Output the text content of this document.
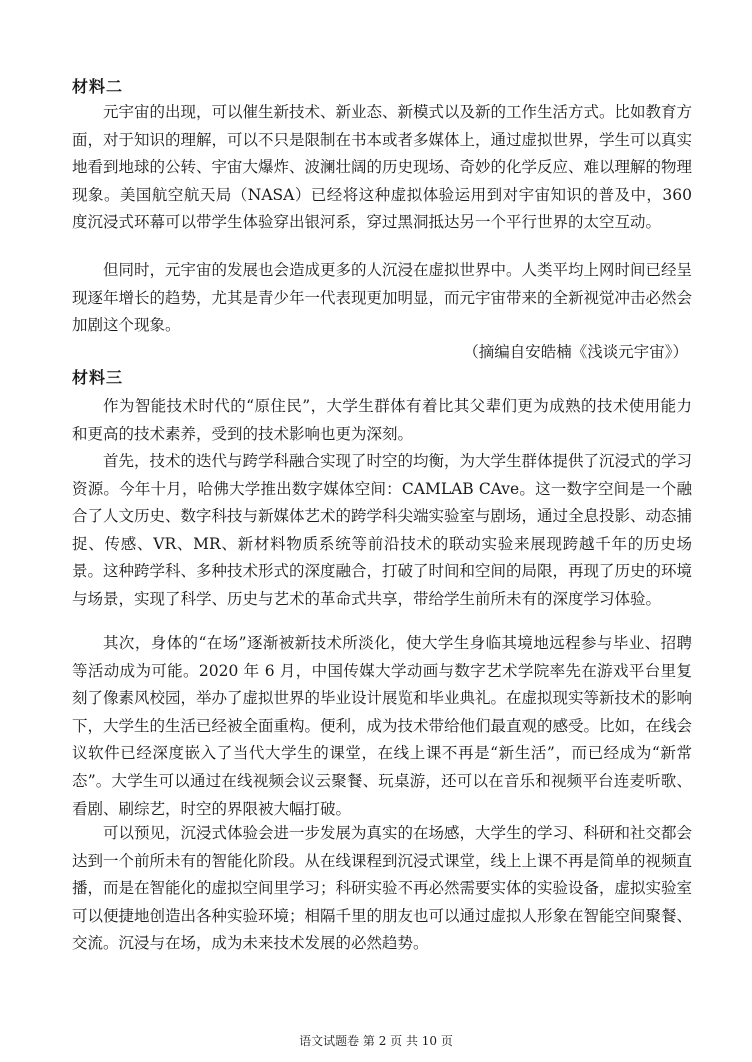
材料二

元宇宙的出现，可以催生新技术、新业态、新模式以及新的工作生活方式。比如教育方面，对于知识的理解，可以不只是限制在书本或者多媒体上，通过虚拟世界，学生可以真实地看到地球的公转、宇宙大爆炸、波澜壮阔的历史现场、奇妙的化学反应、难以理解的物理现象。美国航空航天局（NASA）已经将这种虚拟体验运用到对宇宙知识的普及中，360 度沉浸式环幕可以带学生体验穿出银河系，穿过黑洞抵达另一个平行世界的太空互动。

但同时，元宇宙的发展也会造成更多的人沉浸在虚拟世界中。人类平均上网时间已经呈现逐年增长的趋势，尤其是青少年一代表现更加明显，而元宇宙带来的全新视觉冲击必然会加剧这个现象。

（摘编自安皓楠《浅谈元宇宙》）
材料三

作为智能技术时代的“原住民”，大学生群体有着比其父辈们更为成熟的技术使用能力和更高的技术素养，受到的技术影响也更为深刻。

首先，技术的迭代与跨学科融合实现了时空的均衡，为大学生群体提供了沉浸式的学习资源。今年十月，哈佛大学推出数字媒体空间：CAMLAB CAve。这一数字空间是一个融合了人文历史、数字科技与新媒体艺术的跨学科尖端实验室与剧场，通过全息投影、动态捕捉、传感、VR、MR、新材料物质系统等前沿技术的联动实验来展现跨越千年的历史场景。这种跨学科、多种技术形式的深度融合，打破了时间和空间的局限，再现了历史的环境与场景，实现了科学、历史与艺术的革命式共享，带给学生前所未有的深度学习体验。

其次，身体的“在场”逐渐被新技术所淡化，使大学生身临其境地远程参与毕业、招聘等活动成为可能。2020 年 6 月，中国传媒大学动画与数字艺术学院率先在游戏平台里复刻了像素风校园，举办了虚拟世界的毕业设计展览和毕业典礼。在虚拟现实等新技术的影响下，大学生的生活已经被全面重构。便利，成为技术带给他们最直观的感受。比如，在线会议软件已经深度嵌入了当代大学生的课堂，在线上课不再是“新生活”，而已经成为“新常态”。大学生可以通过在线视频会议云聚餐、玩桌游，还可以在音乐和视频平台连麦听歌、看剧、刷综艺，时空的界限被大幅打破。

可以预见，沉浸式体验会进一步发展为真实的在场感，大学生的学习、科研和社交都会达到一个前所未有的智能化阶段。从在线课程到沉浸式课堂，线上上课不再是简单的视频直播，而是在智能化的虚拟空间里学习；科研实验不再必然需要实体的实验设备，虚拟实验室可以便捷地创造出各种实验环境；相隔千里的朋友也可以通过虚拟人形象在智能空间聚餐、交流。沉浸与在场，成为未来技术发展的必然趋势。

语文试题卷 第 2 页 共 10 页
